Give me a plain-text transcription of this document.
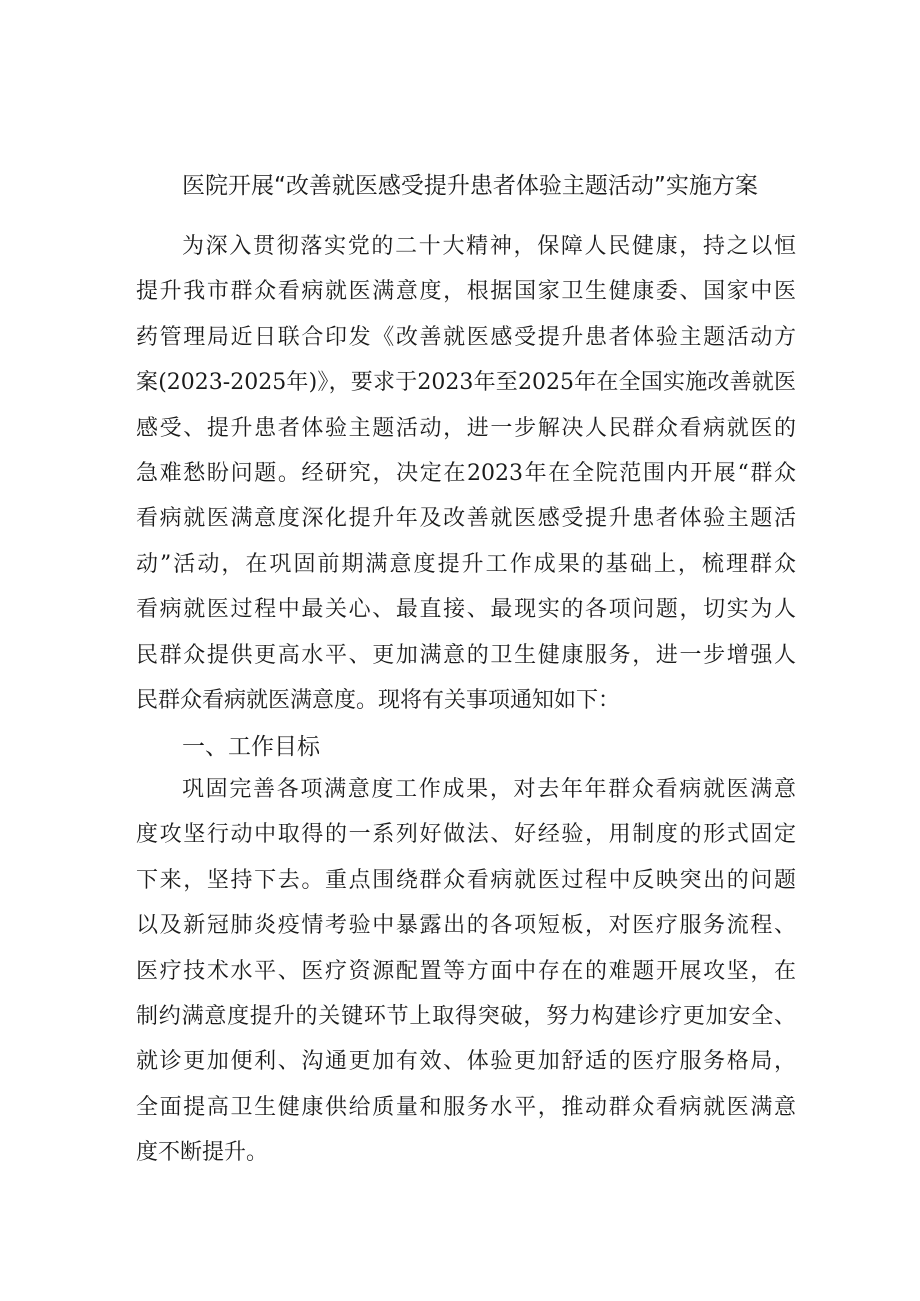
医院开展“改善就医感受提升患者体验主题活动”实施方案
为深入贯彻落实党的二十大精神，保障人民健康，持之以恒
提升我市群众看病就医满意度，根据国家卫生健康委、国家中医
药管理局近日联合印发《改善就医感受提升患者体验主题活动方
案(2023-2025年)》，要求于2023年至2025年在全国实施改善就医
感受、提升患者体验主题活动，进一步解决人民群众看病就医的
急难愁盼问题。经研究，决定在2023年在全院范围内开展“群众
看病就医满意度深化提升年及改善就医感受提升患者体验主题活
动”活动，在巩固前期满意度提升工作成果的基础上，梳理群众
看病就医过程中最关心、最直接、最现实的各项问题，切实为人
民群众提供更高水平、更加满意的卫生健康服务，进一步增强人
民群众看病就医满意度。现将有关事项通知如下：
一、工作目标
巩固完善各项满意度工作成果，对去年年群众看病就医满意
度攻坚行动中取得的一系列好做法、好经验，用制度的形式固定
下来，坚持下去。重点围绕群众看病就医过程中反映突出的问题
以及新冠肺炎疫情考验中暴露出的各项短板，对医疗服务流程、
医疗技术水平、医疗资源配置等方面中存在的难题开展攻坚，在
制约满意度提升的关键环节上取得突破，努力构建诊疗更加安全、
就诊更加便利、沟通更加有效、体验更加舒适的医疗服务格局，
全面提高卫生健康供给质量和服务水平，推动群众看病就医满意
度不断提升。
